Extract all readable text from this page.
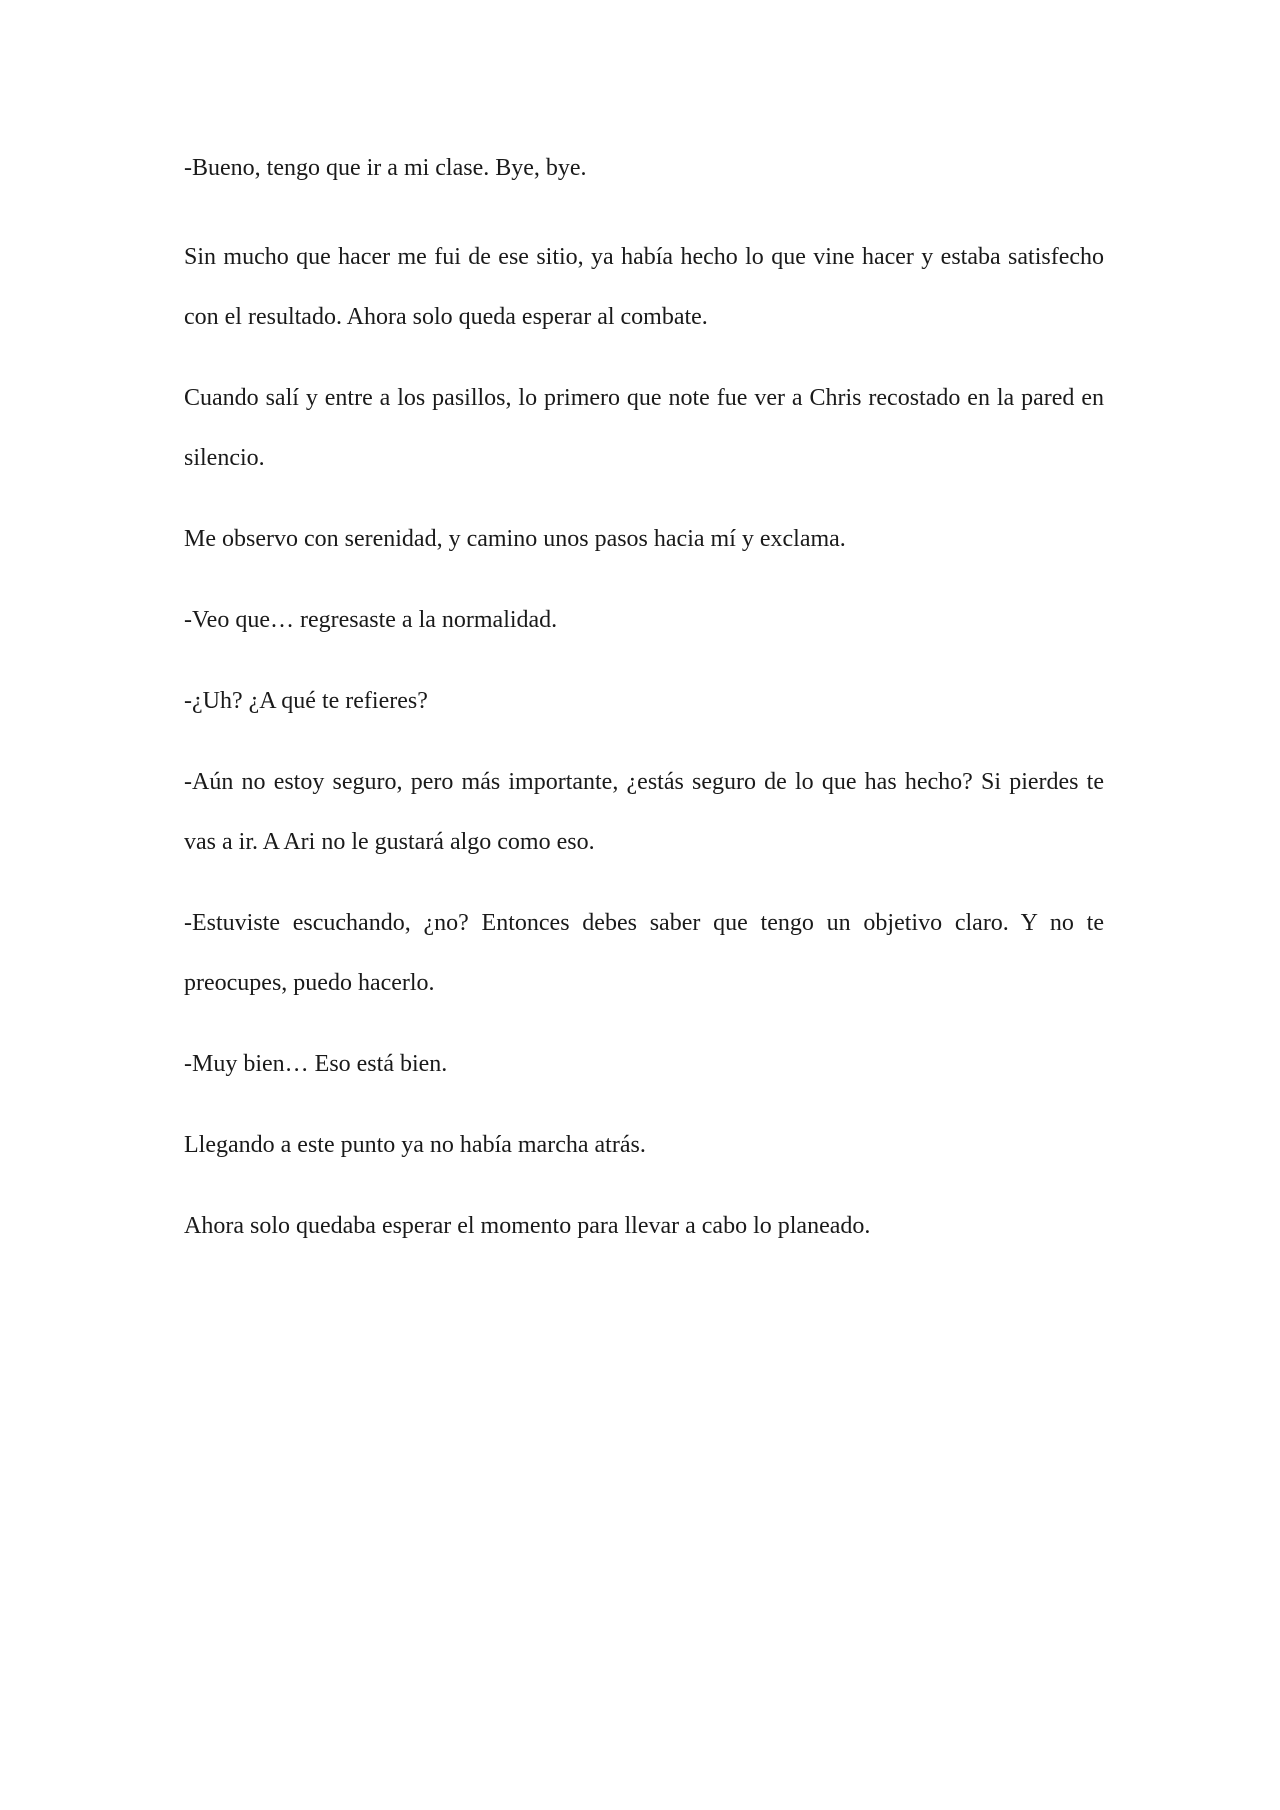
-Bueno, tengo que ir a mi clase. Bye, bye.

Sin mucho que hacer me fui de ese sitio, ya había hecho lo que vine hacer y estaba satisfecho con el resultado. Ahora solo queda esperar al combate.

Cuando salí y entre a los pasillos, lo primero que note fue ver a Chris recostado en la pared en silencio.

Me observo con serenidad, y camino unos pasos hacia mí y exclama.

-Veo que… regresaste a la normalidad.

-¿Uh? ¿A qué te refieres?

-Aún no estoy seguro, pero más importante, ¿estás seguro de lo que has hecho? Si pierdes te vas a ir. A Ari no le gustará algo como eso.

-Estuviste escuchando, ¿no? Entonces debes saber que tengo un objetivo claro. Y no te preocupes, puedo hacerlo.

-Muy bien… Eso está bien.

Llegando a este punto ya no había marcha atrás.

Ahora solo quedaba esperar el momento para llevar a cabo lo planeado.
